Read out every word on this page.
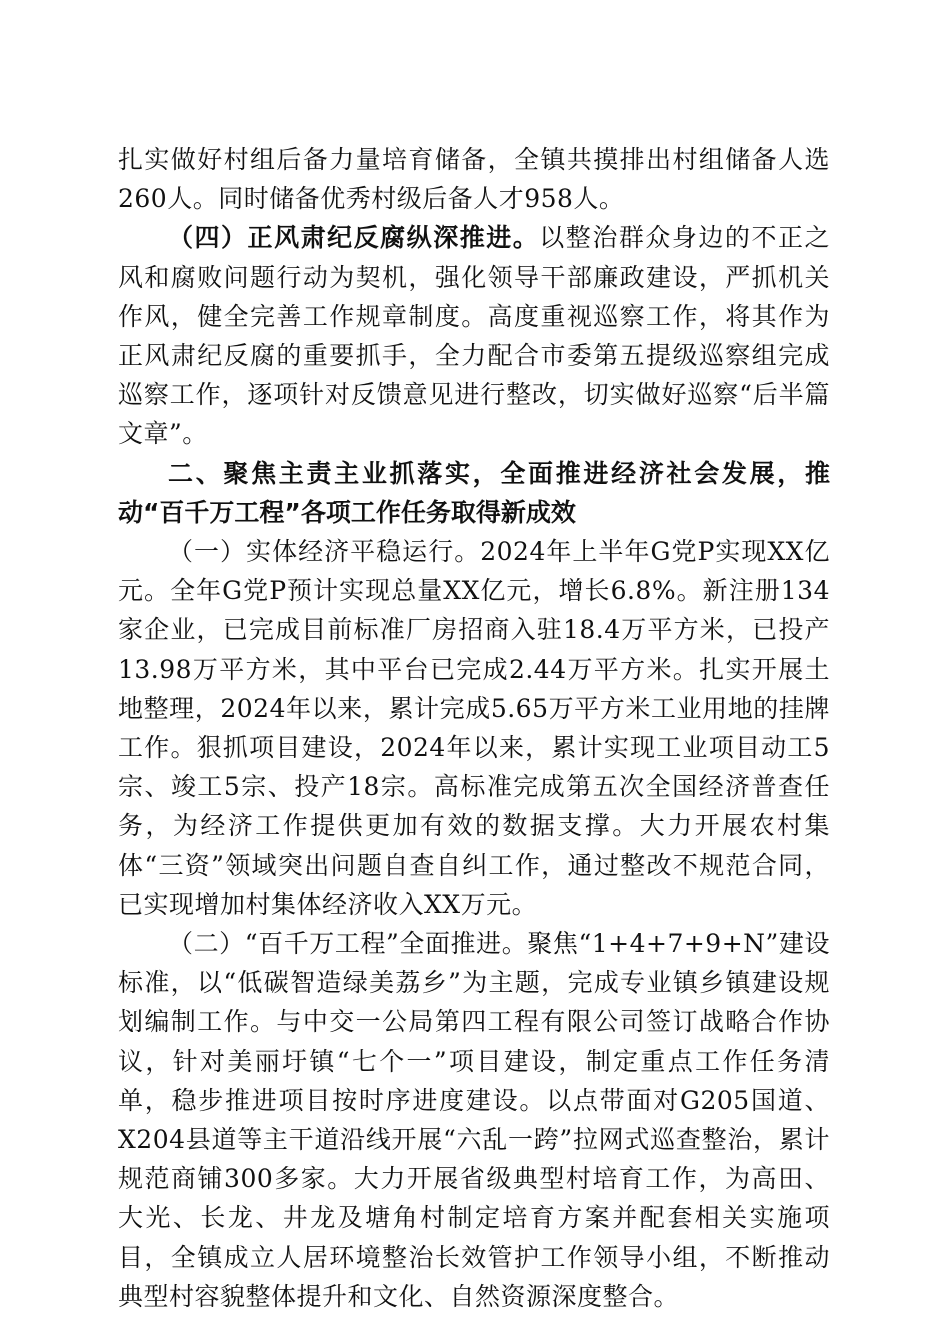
扎实做好村组后备力量培育储备，全镇共摸排出村组储备人选260人。同时储备优秀村级后备人才958人。

（四）正风肃纪反腐纵深推进。以整治群众身边的不正之风和腐败问题行动为契机，强化领导干部廉政建设，严抓机关作风，健全完善工作规章制度。高度重视巡察工作，将其作为正风肃纪反腐的重要抓手，全力配合市委第五提级巡察组完成巡察工作，逐项针对反馈意见进行整改，切实做好巡察“后半篇文章”。

二、聚焦主责主业抓落实，全面推进经济社会发展，推动“百千万工程”各项工作任务取得新成效

（一）实体经济平稳运行。2024年上半年G党P实现XX亿元。全年G党P预计实现总量XX亿元，增长6.8%。新注册134家企业，已完成目前标准厂房招商入驻18.4万平方米，已投产13.98万平方米，其中平台已完成2.44万平方米。扎实开展土地整理，2024年以来，累计完成5.65万平方米工业用地的挂牌工作。狠抓项目建设，2024年以来，累计实现工业项目动工5宗、竣工5宗、投产18宗。高标准完成第五次全国经济普查任务，为经济工作提供更加有效的数据支撑。大力开展农村集体“三资”领域突出问题自查自纠工作，通过整改不规范合同，已实现增加村集体经济收入XX万元。

（二）“百千万工程”全面推进。聚焦“1+4+7+9+N”建设标准，以“低碳智造绿美荔乡”为主题，完成专业镇乡镇建设规划编制工作。与中交一公局第四工程有限公司签订战略合作协议，针对美丽圩镇“七个一”项目建设，制定重点工作任务清单，稳步推进项目按时序进度建设。以点带面对G205国道、X204县道等主干道沿线开展“六乱一跨”拉网式巡查整治，累计规范商铺300多家。大力开展省级典型村培育工作，为高田、大光、长龙、井龙及塘角村制定培育方案并配套相关实施项目，全镇成立人居环境整治长效管护工作领导小组，不断推动典型村容貌整体提升和文化、自然资源深度整合。
